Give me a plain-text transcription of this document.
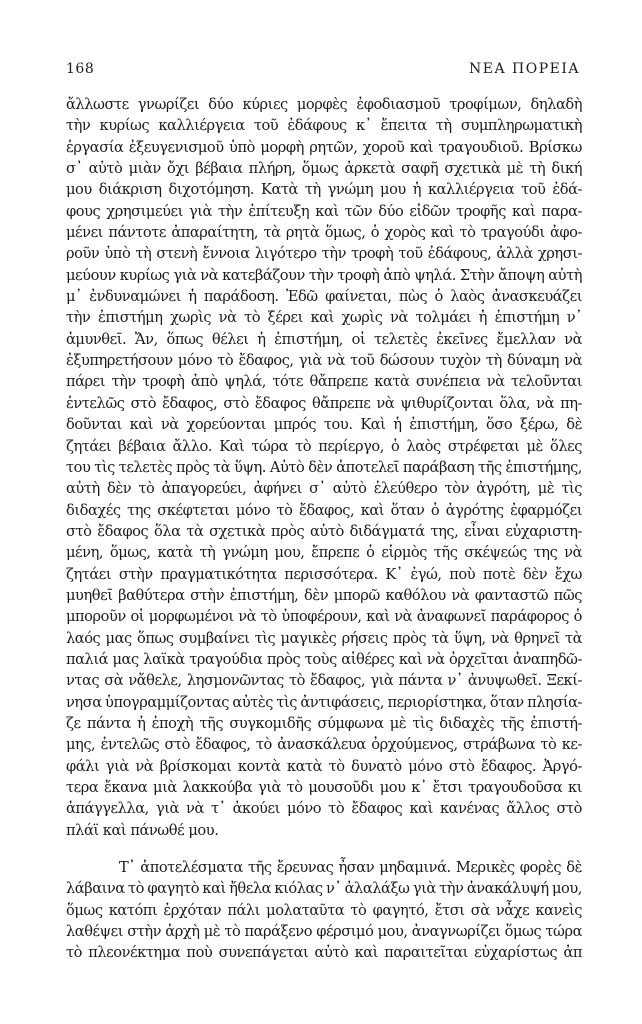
168	ΝΕΑ ΠΟΡΕΙΑ
ἄλλωστε γνωρίζει δύο κύριες μορφὲς ἐφοδιασμοῦ τροφίμων, δηλαδὴ
τὴν κυρίως καλλιέργεια τοῦ ἐδάφους κ᾽ ἔπειτα τὴ συμπληρωματικὴ
ἐργασία ἐξευγενισμοῦ ὑπὸ μορφὴ ρητῶν, χοροῦ καὶ τραγουδιοῦ. Βρίσκω
σ᾽ αὐτὸ μιὰν ὄχι βέβαια πλήρη, ὅμως ἀρκετὰ σαφῆ σχετικὰ μὲ τὴ δική
μου διάκριση διχοτόμηση. Κατὰ τὴ γνώμη μου ἡ καλλιέργεια τοῦ ἐδά-
φους χρησιμεύει γιὰ τὴν ἐπίτευξη καὶ τῶν δύο εἰδῶν τροφῆς καὶ παρα-
μένει πάντοτε ἀπαραίτητη, τὰ ρητὰ ὅμως, ὁ χορὸς καὶ τὸ τραγούδι ἀφο-
ροῦν ὑπὸ τὴ στενὴ ἔννοια λιγότερο τὴν τροφὴ τοῦ ἐδάφους, ἀλλὰ χρησι-
μεύουν κυρίως γιὰ νὰ κατεβάζουν τὴν τροφὴ ἀπὸ ψηλά. Στὴν ἄποψη αὐτὴ
μ᾽ ἐνδυναμώνει ἡ παράδοση. Ἐδῶ φαίνεται, πὼς ὁ λαὸς ἀνασκευάζει
τὴν ἐπιστήμη χωρὶς νὰ τὸ ξέρει καὶ χωρὶς νὰ τολμάει ἡ ἐπιστήμη ν᾽
ἀμυνθεῖ. Ἄν, ὅπως θέλει ἡ ἐπιστήμη, οἱ τελετὲς ἐκεῖνες ἔμελλαν νὰ
ἐξυπηρετήσουν μόνο τὸ ἔδαφος, γιὰ νὰ τοῦ δώσουν τυχὸν τὴ δύναμη νὰ
πάρει τὴν τροφὴ ἀπὸ ψηλά, τότε θἄπρεπε κατὰ συνέπεια νὰ τελοῦνται
ἐντελῶς στὸ ἔδαφος, στὸ ἔδαφος θἄπρεπε νὰ ψιθυρίζονται ὅλα, νὰ πη-
δοῦνται καὶ νὰ χορεύονται μπρός του. Καὶ ἡ ἐπιστήμη, ὅσο ξέρω, δὲ
ζητάει βέβαια ἄλλο. Καὶ τώρα τὸ περίεργο, ὁ λαὸς στρέφεται μὲ ὅλες
του τὶς τελετὲς πρὸς τὰ ὕψη. Αὐτὸ δὲν ἀποτελεῖ παράβαση τῆς ἐπιστήμης,
αὐτὴ δὲν τὸ ἀπαγορεύει, ἀφήνει σ᾽ αὐτὸ ἐλεύθερο τὸν ἀγρότη, μὲ τὶς
διδαχές της σκέφτεται μόνο τὸ ἔδαφος, καὶ ὅταν ὁ ἀγρότης ἐφαρμόζει
στὸ ἔδαφος ὅλα τὰ σχετικὰ πρὸς αὐτὸ διδάγματά της, εἶναι εὐχαριστη-
μένη, ὅμως, κατὰ τὴ γνώμη μου, ἔπρεπε ὁ εἱρμὸς τῆς σκέψεώς της νὰ
ζητάει στὴν πραγματικότητα περισσότερα. Κ᾽ ἐγώ, ποὺ ποτὲ δὲν ἔχω
μυηθεῖ βαθύτερα στὴν ἐπιστήμη, δὲν μπορῶ καθόλου νὰ φανταστῶ πῶς
μποροῦν οἱ μορφωμένοι νὰ τὸ ὑποφέρουν, καὶ νὰ ἀναφωνεῖ παράφορος ὁ
λαός μας ὅπως συμβαίνει τὶς μαγικὲς ρήσεις πρὸς τὰ ὕψη, νὰ θρηνεῖ τὰ
παλιά μας λαϊκὰ τραγούδια πρὸς τοὺς αἰθέρες καὶ νὰ ὀρχεῖται ἀναπηδῶ-
ντας σὰ νἄθελε, λησμονῶντας τὸ ἔδαφος, γιὰ πάντα ν᾽ ἀνυψωθεῖ. Ξεκί-
νησα ὑπογραμμίζοντας αὐτὲς τὶς ἀντιφάσεις, περιορίστηκα, ὅταν πλησία-
ζε πάντα ἡ ἐποχὴ τῆς συγκομιδῆς σύμφωνα μὲ τὶς διδαχὲς τῆς ἐπιστή-
μης, ἐντελῶς στὸ ἔδαφος, τὸ ἀνασκάλευα ὀρχούμενος, στράβωνα τὸ κε-
φάλι γιὰ νὰ βρίσκομαι κοντὰ κατὰ τὸ δυνατὸ μόνο στὸ ἔδαφος. Ἀργό-
τερα ἔκανα μιὰ λακκούβα γιὰ τὸ μουσοῦδι μου κ᾽ ἔτσι τραγουδοῦσα κι
ἀπάγγελλα, γιὰ νὰ τ᾽ ἀκούει μόνο τὸ ἔδαφος καὶ κανένας ἄλλος στὸ
πλάϊ καὶ πάνωθέ μου.
Τ᾽ ἀποτελέσματα τῆς ἔρευνας ἦσαν μηδαμινά. Μερικὲς φορὲς δὲ
λάβαινα τὸ φαγητὸ καὶ ἤθελα κιόλας ν᾽ ἀλαλάξω γιὰ τὴν ἀνακάλυψή μου,
ὅμως κατόπι ἐρχόταν πάλι μολαταῦτα τὸ φαγητό, ἔτσι σὰ νἆχε κανεὶς
λαθέψει στὴν ἀρχὴ μὲ τὸ παράξενο φέρσιμό μου, ἀναγνωρίζει ὅμως τώρα
τὸ πλεονέκτημα ποὺ συνεπάγεται αὐτὸ καὶ παραιτεῖται εὐχαρίστως ἀπ
